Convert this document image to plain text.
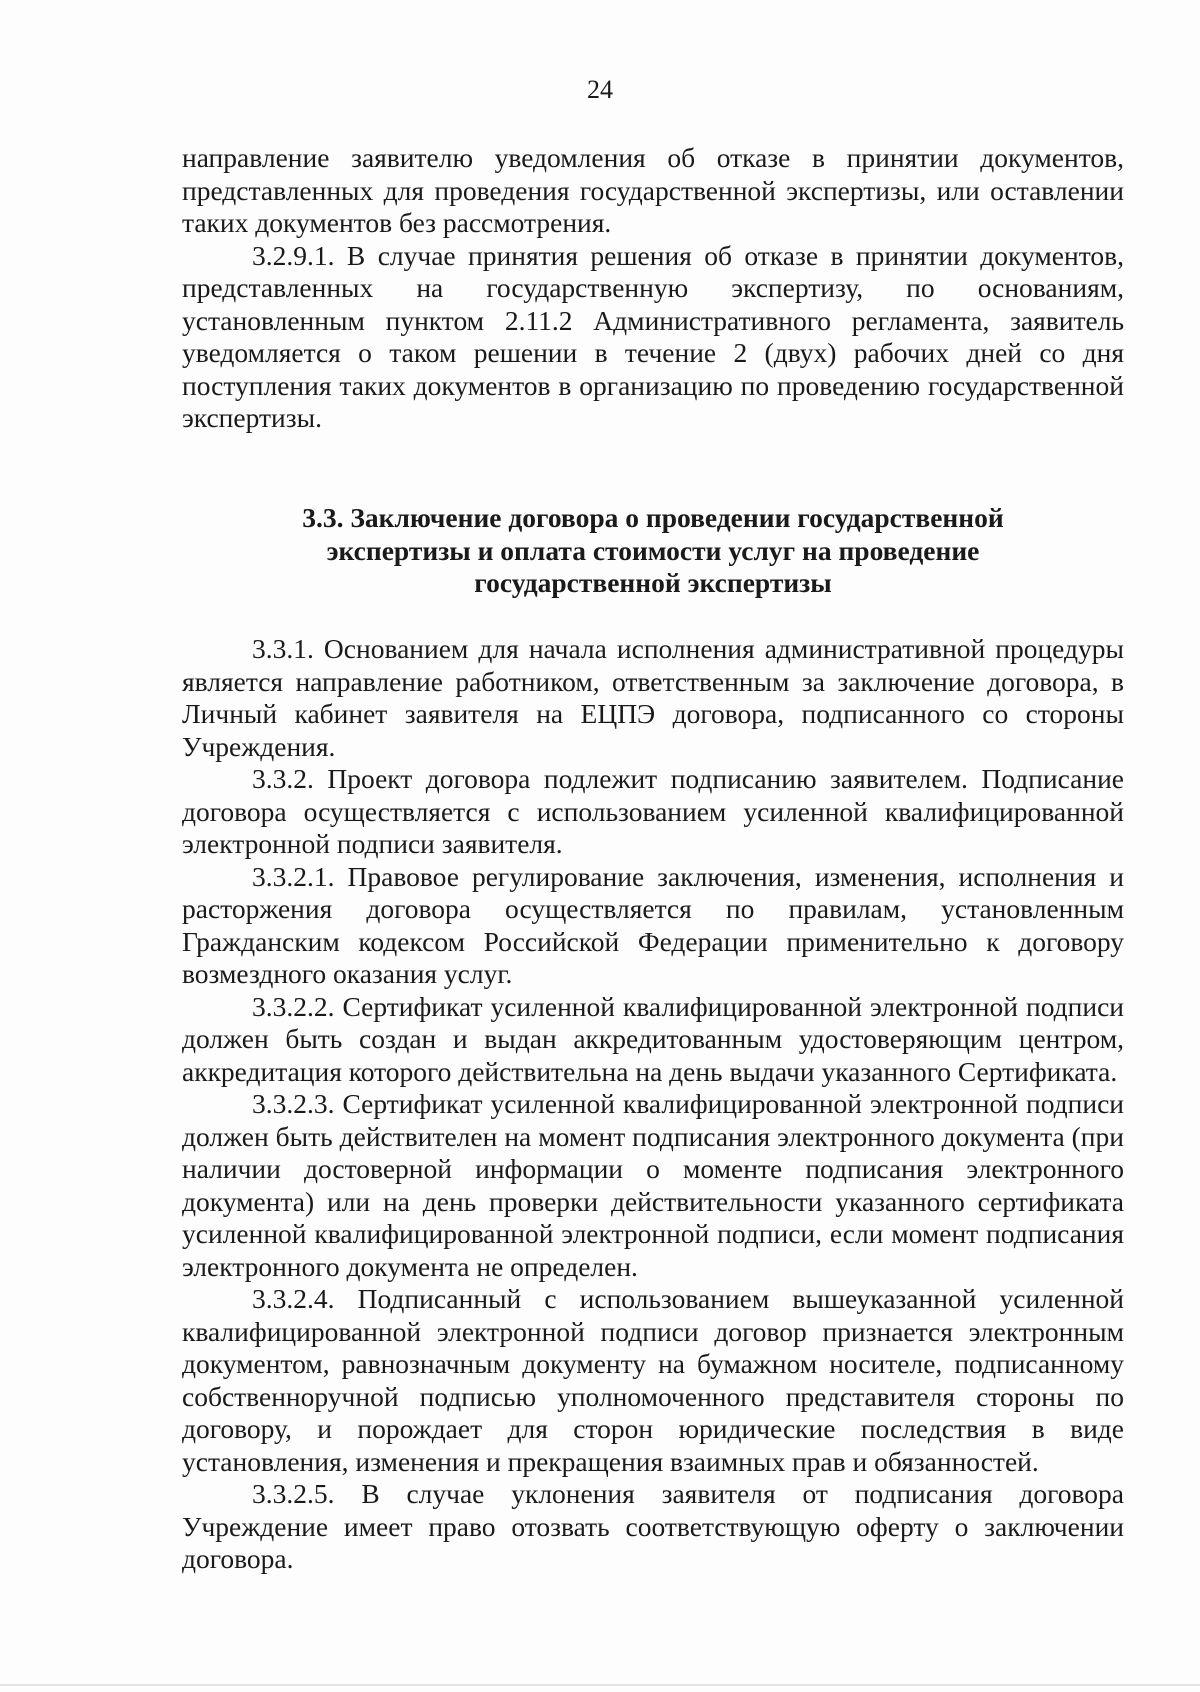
24

направление заявителю уведомления об отказе в принятии документов, представленных для проведения государственной экспертизы, или оставлении таких документов без рассмотрения.

3.2.9.1. В случае принятия решения об отказе в принятии документов, представленных на государственную экспертизу, по основаниям, установленным пунктом 2.11.2 Административного регламента, заявитель уведомляется о таком решении в течение 2 (двух) рабочих дней со дня поступления таких документов в организацию по проведению государственной экспертизы.

3.3. Заключение договора о проведении государственной
экспертизы и оплата стоимости услуг на проведение
государственной экспертизы

3.3.1. Основанием для начала исполнения административной процедуры является направление работником, ответственным за заключение договора, в Личный кабинет заявителя на ЕЦПЭ договора, подписанного со стороны Учреждения.

3.3.2. Проект договора подлежит подписанию заявителем. Подписание договора осуществляется с использованием усиленной квалифицированной электронной подписи заявителя.

3.3.2.1. Правовое регулирование заключения, изменения, исполнения и расторжения договора осуществляется по правилам, установленным Гражданским кодексом Российской Федерации применительно к договору возмездного оказания услуг.

3.3.2.2. Сертификат усиленной квалифицированной электронной подписи должен быть создан и выдан аккредитованным удостоверяющим центром, аккредитация которого действительна на день выдачи указанного Сертификата.

3.3.2.3. Сертификат усиленной квалифицированной электронной подписи должен быть действителен на момент подписания электронного документа (при наличии достоверной информации о моменте подписания электронного документа) или на день проверки действительности указанного сертификата усиленной квалифицированной электронной подписи, если момент подписания электронного документа не определен.

3.3.2.4. Подписанный с использованием вышеуказанной усиленной квалифицированной электронной подписи договор признается электронным документом, равнозначным документу на бумажном носителе, подписанному собственноручной подписью уполномоченного представителя стороны по договору, и порождает для сторон юридические последствия в виде установления, изменения и прекращения взаимных прав и обязанностей.

3.3.2.5. В случае уклонения заявителя от подписания договора Учреждение имеет право отозвать соответствующую оферту о заключении договора.
